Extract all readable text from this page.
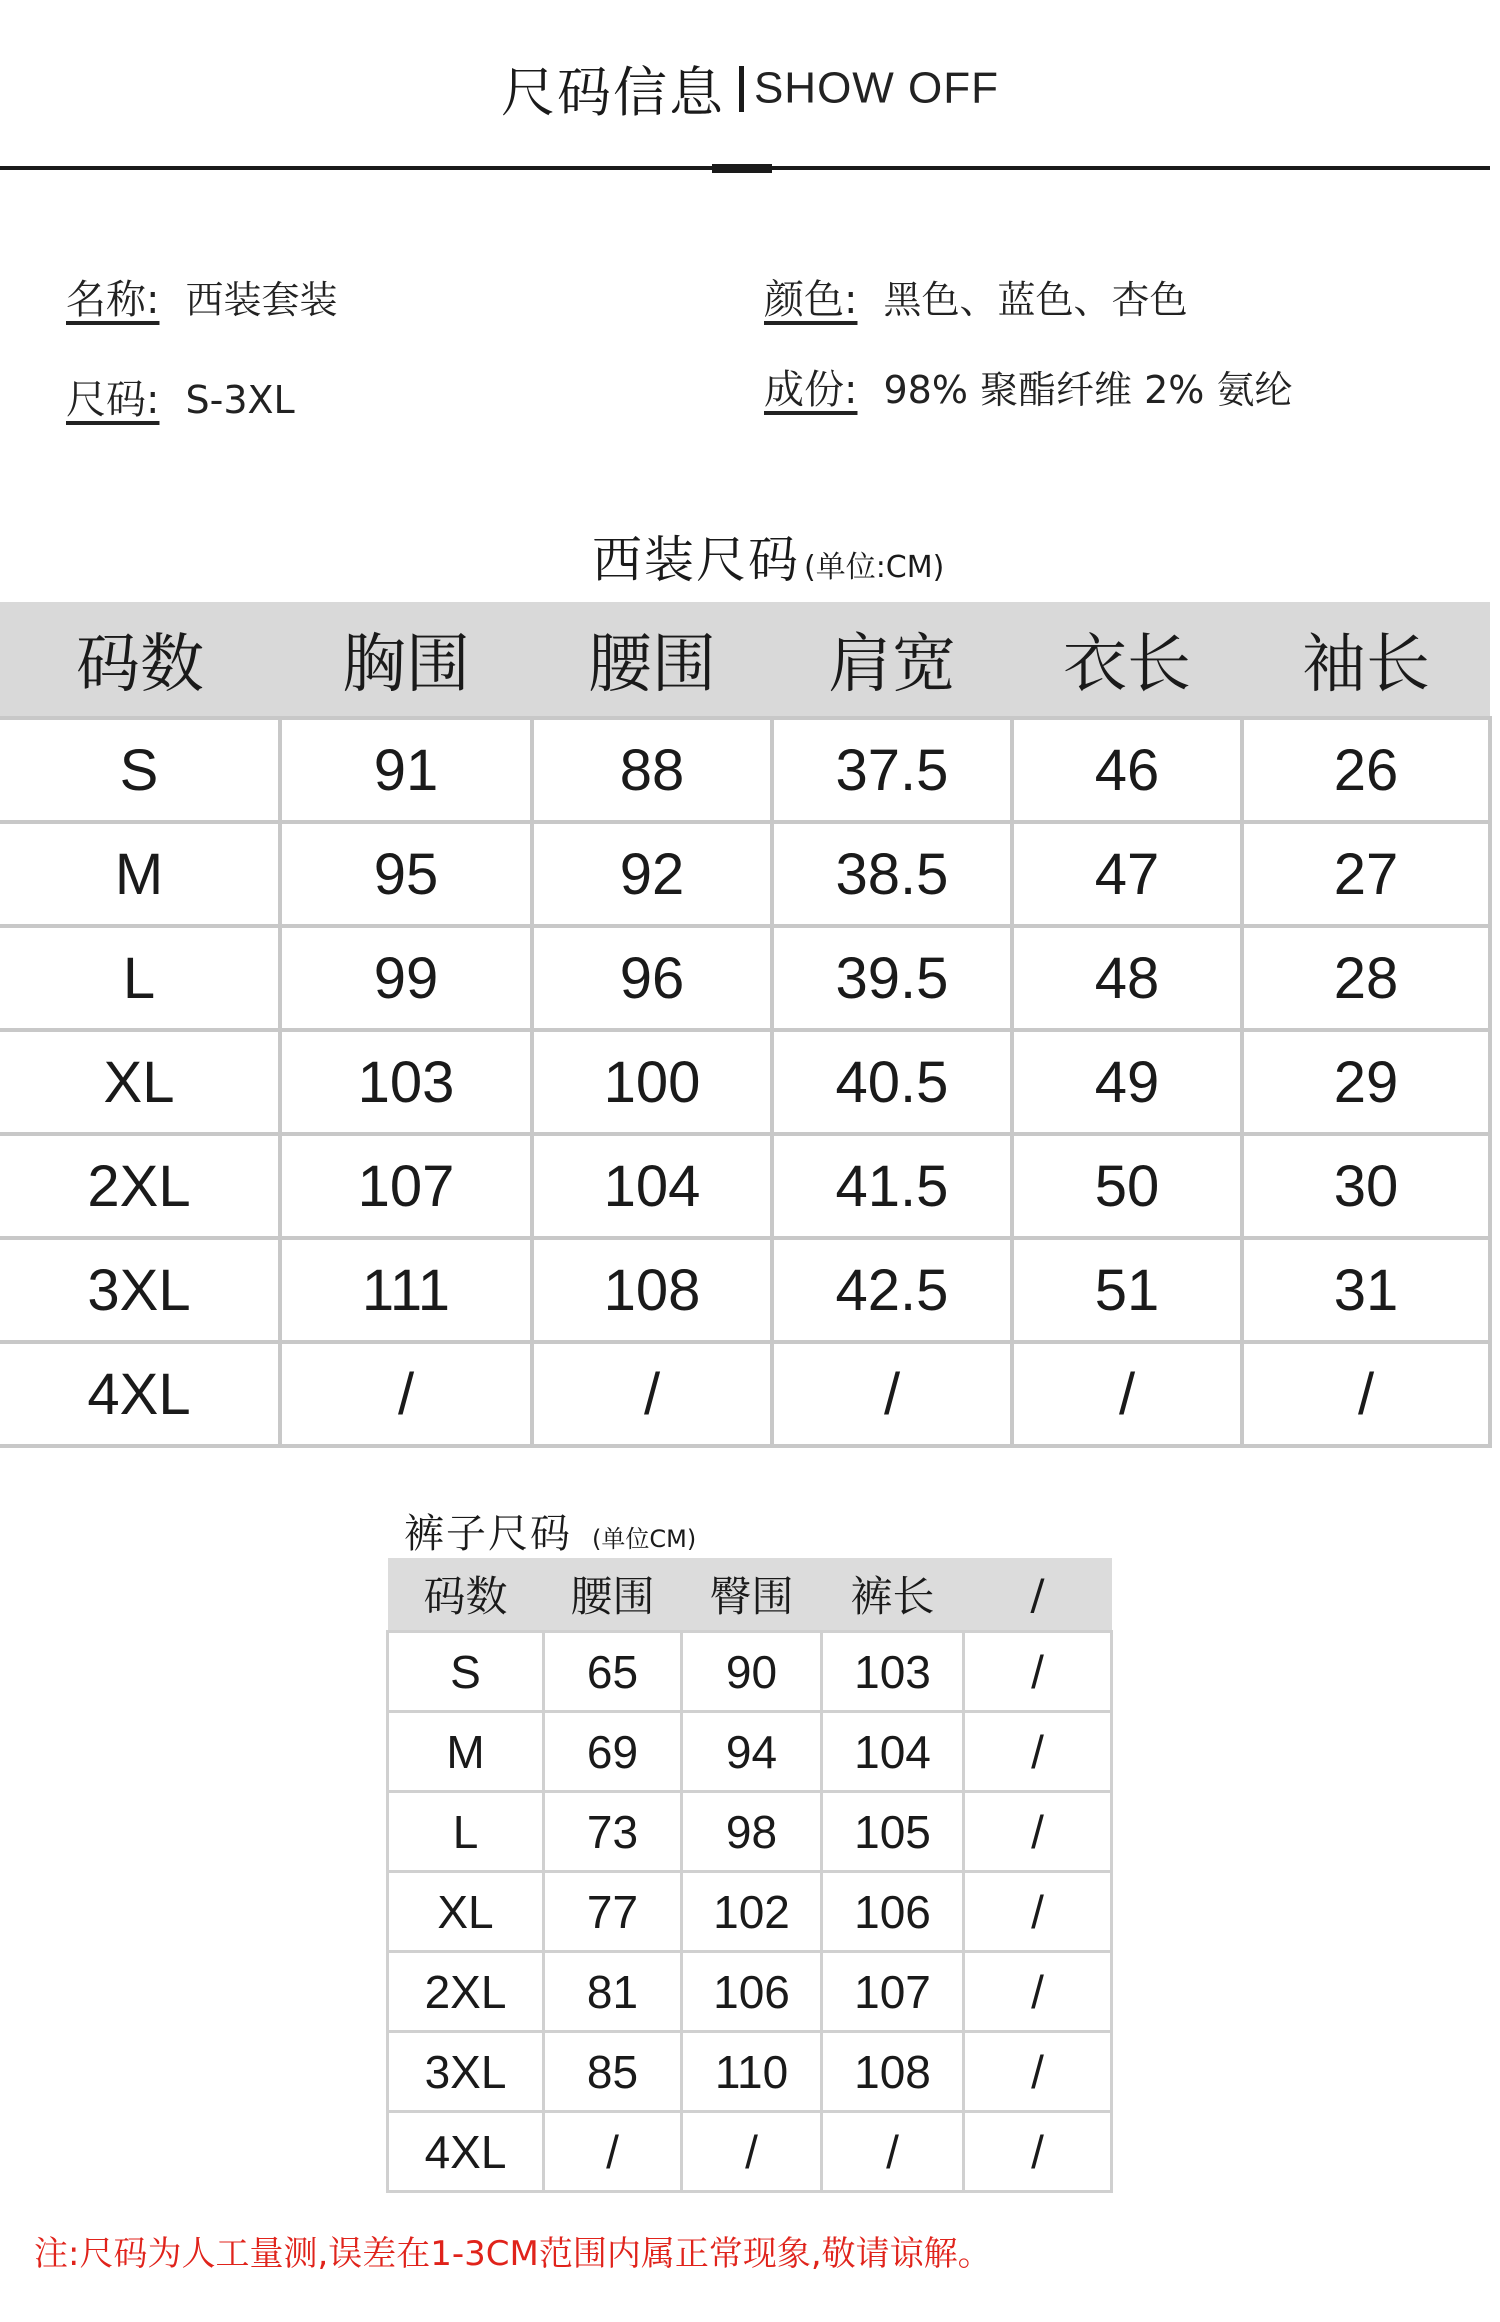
尺码信息 SHOW OFF
名称: 西装套装
尺码: S-3XL
颜色: 黑色、蓝色、杏色
成份: 98% 聚酯纤维 2% 氨纶
西装尺码 (单位:CM)
码数	胸围	腰围	肩宽	衣长	袖长
S	91	88	37.5	46	26
M	95	92	38.5	47	27
L	99	96	39.5	48	28
XL	103	100	40.5	49	29
2XL	107	104	41.5	50	30
3XL	111	108	42.5	51	31
4XL	/	/	/	/	/
裤子尺码 (单位CM)
码数	腰围	臀围	裤长	/
S	65	90	103	/
M	69	94	104	/
L	73	98	105	/
XL	77	102	106	/
2XL	81	106	107	/
3XL	85	110	108	/
4XL	/	/	/	/
注:尺码为人工量测,误差在1-3CM范围内属正常现象,敬请谅解。
